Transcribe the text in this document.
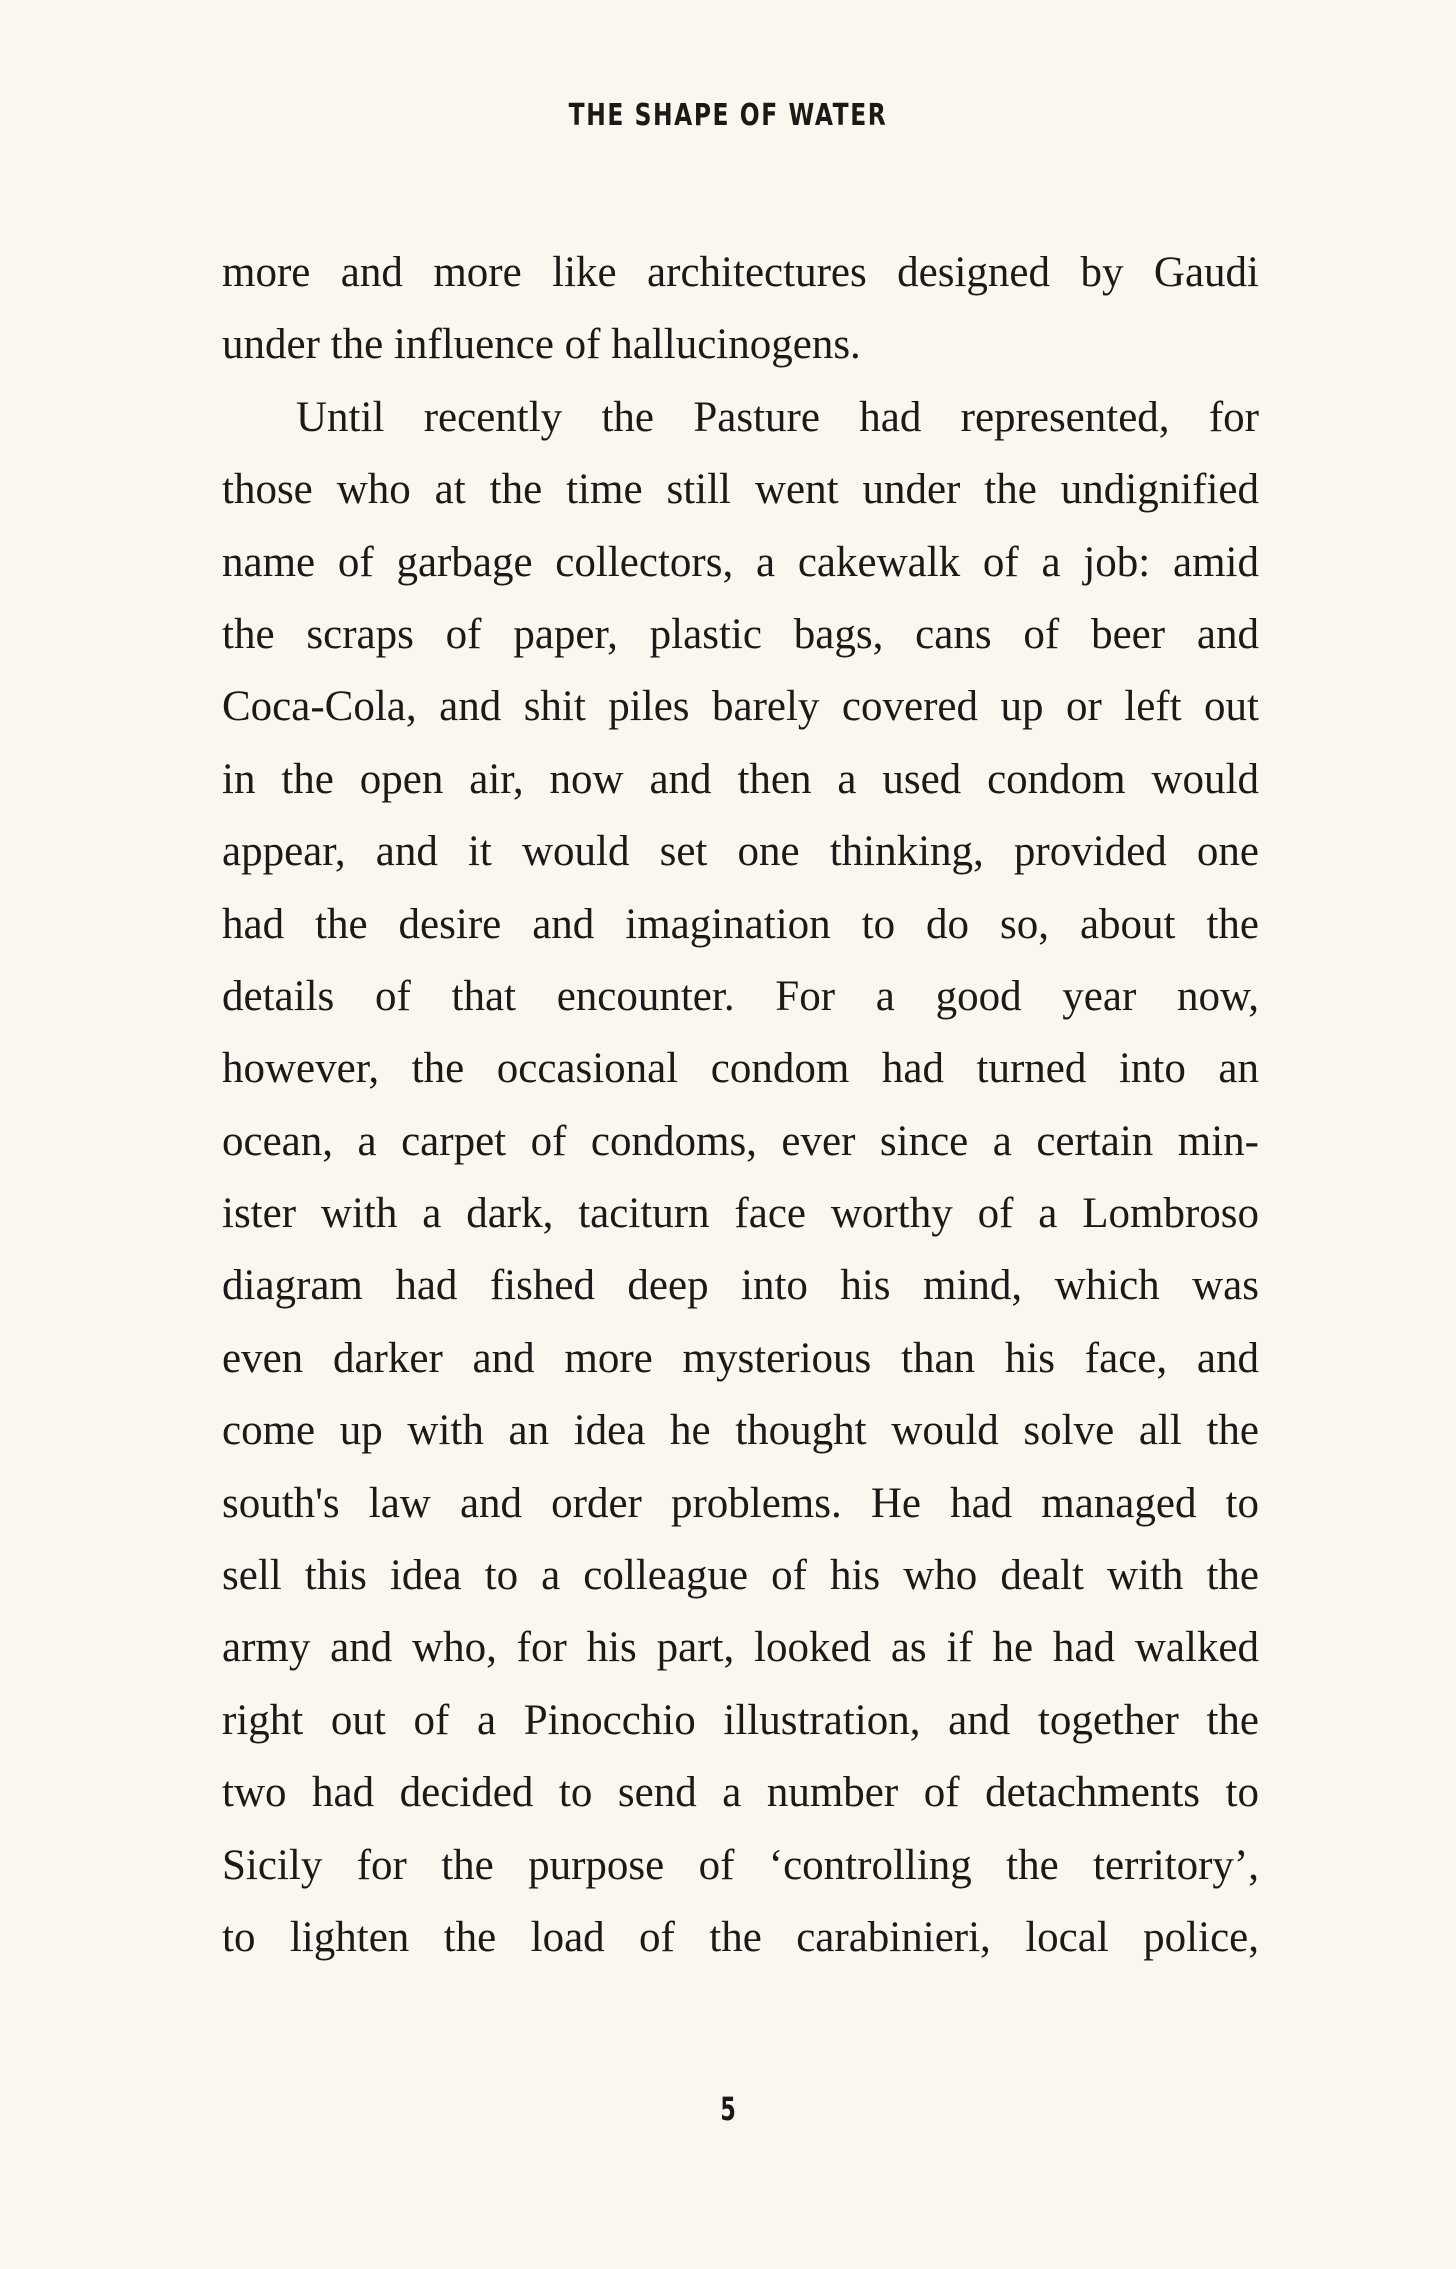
THE SHAPE OF WATER
more and more like architectures designed by Gaudi
under the influence of hallucinogens.
Until recently the Pasture had represented, for
those who at the time still went under the undignified
name of garbage collectors, a cakewalk of a job: amid
the scraps of paper, plastic bags, cans of beer and
Coca-Cola, and shit piles barely covered up or left out
in the open air, now and then a used condom would
appear, and it would set one thinking, provided one
had the desire and imagination to do so, about the
details of that encounter. For a good year now,
however, the occasional condom had turned into an
ocean, a carpet of condoms, ever since a certain min-
ister with a dark, taciturn face worthy of a Lombroso
diagram had fished deep into his mind, which was
even darker and more mysterious than his face, and
come up with an idea he thought would solve all the
south's law and order problems. He had managed to
sell this idea to a colleague of his who dealt with the
army and who, for his part, looked as if he had walked
right out of a Pinocchio illustration, and together the
two had decided to send a number of detachments to
Sicily for the purpose of ‘controlling the territory’,
to lighten the load of the carabinieri, local police,
5
